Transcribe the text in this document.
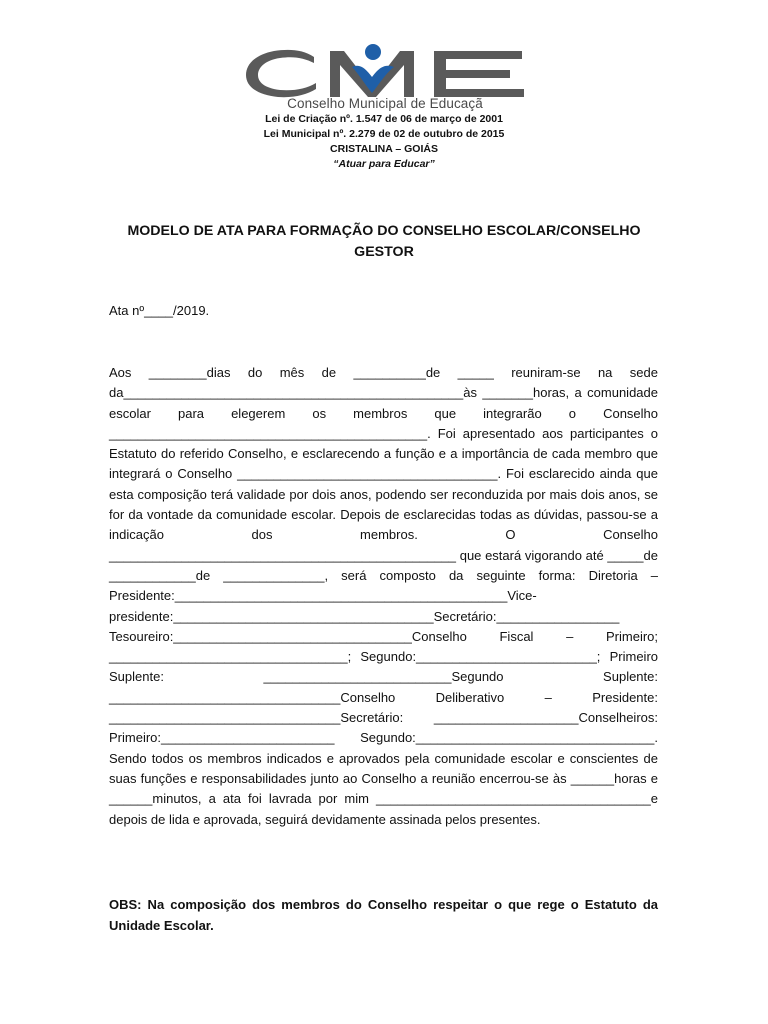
Conselho Municipal de Educaçã
Lei de Criação nº. 1.547 de 06 de março de 2001
Lei Municipal nº. 2.279 de 02 de outubro de 2015
CRISTALINA – GOIÁS
“Atuar para Educar”
MODELO DE ATA PARA FORMAÇÃO DO CONSELHO ESCOLAR/CONSELHO GESTOR
Ata nº____/2019.
Aos ________dias do mês de __________de _____ reuniram-se na sede da_______________________________________________às _______horas, a comunidade escolar para elegerem os membros que integrarão o Conselho ____________________________________________. Foi apresentado aos participantes o Estatuto do referido Conselho, e esclarecendo a função e a importância de cada membro que integrará o Conselho ____________________________________. Foi esclarecido ainda que esta composição terá validade por dois anos, podendo ser reconduzida por mais dois anos, se for da vontade da comunidade escolar. Depois de esclarecidas todas as dúvidas, passou-se a indicação dos membros. O Conselho ________________________________________________ que estará vigorando até _____de ____________de ______________, será composto da seguinte forma: Diretoria – Presidente:______________________________________________Vice-presidente:____________________________________Secretário:_________________ Tesoureiro:_________________________________Conselho Fiscal – Primeiro; _________________________________; Segundo:_________________________; Primeiro Suplente: __________________________Segundo Suplente: ________________________________Conselho Deliberativo – Presidente: ________________________________Secretário: ____________________Conselheiros: Primeiro:________________________ Segundo:_________________________________. Sendo todos os membros indicados e aprovados pela comunidade escolar e conscientes de suas funções e responsabilidades junto ao Conselho a reunião encerrou-se às ______horas e ______minutos, a ata foi lavrada por mim ______________________________________e depois de lida e aprovada, seguirá devidamente assinada pelos presentes.
OBS: Na composição dos membros do Conselho respeitar o que rege o Estatuto da Unidade Escolar.
